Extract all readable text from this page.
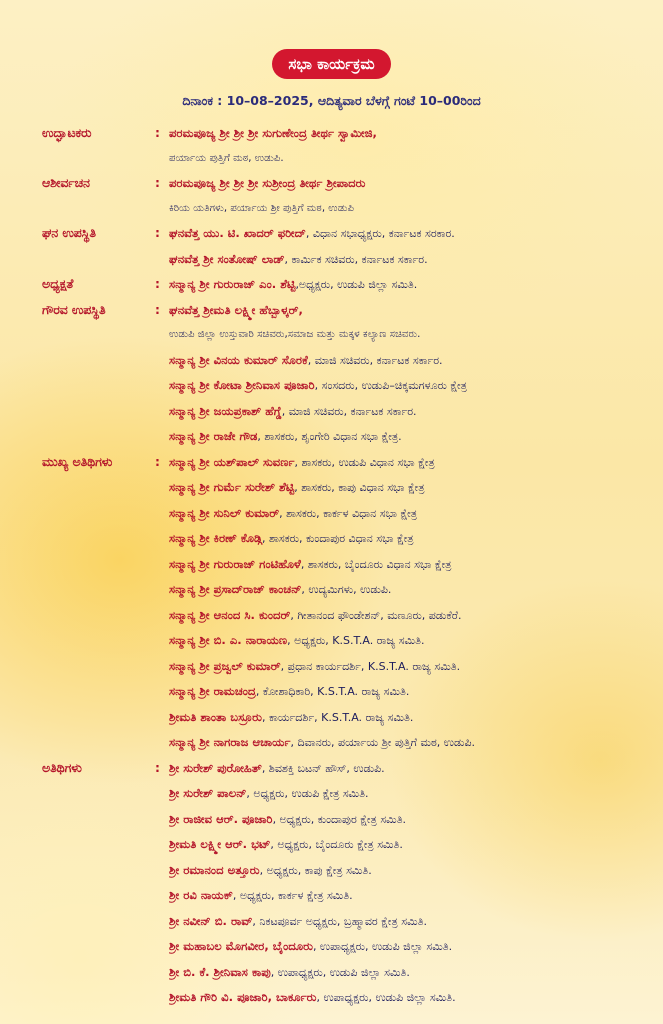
ಸಭಾ ಕಾರ್ಯಕ್ರಮ
ದಿನಾಂಕ : 10–08–2025, ಆದಿತ್ಯವಾರ ಬೆಳಗ್ಗೆ ಗಂಟೆ 10–00ರಿಂದ
ಉದ್ಘಾಟಕರು	: ಪರಮಪೂಜ್ಯ ಶ್ರೀ ಶ್ರೀ ಶ್ರೀ ಸುಗುಣೇಂದ್ರ ತೀರ್ಥ ಸ್ವಾಮೀಜಿ,
ಪರ್ಯಾಯ ಪುತ್ತಿಗೆ ಮಠ, ಉಡುಪಿ.
ಆಶೀರ್ವಚನ	: ಪರಮಪೂಜ್ಯ ಶ್ರೀ ಶ್ರೀ ಶ್ರೀ ಸುಶ್ರೀಂದ್ರ ತೀರ್ಥ ಶ್ರೀಪಾದರು
ಕಿರಿಯ ಯತಿಗಳು, ಪರ್ಯಾಯ ಶ್ರೀ ಪುತ್ತಿಗೆ ಮಠ, ಉಡುಪಿ
ಘನ ಉಪಸ್ಥಿತಿ	: ಘನವೆತ್ತ ಯು. ಟಿ. ಖಾದರ್ ಫರೀದ್, ವಿಧಾನ ಸಭಾಧ್ಯಕ್ಷರು, ಕರ್ನಾಟಕ ಸರಕಾರ.
ಘನವೆತ್ತ ಶ್ರೀ ಸಂತೋಷ್ ಲಾಡ್, ಕಾರ್ಮಿಕ ಸಚಿವರು, ಕರ್ನಾಟಕ ಸರ್ಕಾರ.
ಅಧ್ಯಕ್ಷತೆ	: ಸನ್ಮಾನ್ಯ ಶ್ರೀ ಗುರುರಾಜ್ ಎಂ. ಶೆಟ್ಟಿ,ಅಧ್ಯಕ್ಷರು, ಉಡುಪಿ ಜಿಲ್ಲಾ ಸಮಿತಿ.
ಗೌರವ ಉಪಸ್ಥಿತಿ	: ಘನವೆತ್ತ ಶ್ರೀಮತಿ ಲಕ್ಷ್ಮೀ ಹೆಬ್ಬಾಳ್ಕರ್,
ಉಡುಪಿ ಜಿಲ್ಲಾ ಉಸ್ತುವಾರಿ ಸಚಿವರು,ಸಮಾಜ ಮತ್ತು ಮಕ್ಕಳ ಕಲ್ಯಾಣ ಸಚಿವರು.
ಸನ್ಮಾನ್ಯ ಶ್ರೀ ವಿನಯ ಕುಮಾರ್ ಸೊರಕೆ, ಮಾಜಿ ಸಚಿವರು, ಕರ್ನಾಟಕ ಸರ್ಕಾರ.
ಸನ್ಮಾನ್ಯ ಶ್ರೀ ಕೋಟಾ ಶ್ರೀನಿವಾಸ ಪೂಜಾರಿ, ಸಂಸದರು, ಉಡುಪಿ–ಚಿಕ್ಕಮಗಳೂರು ಕ್ಷೇತ್ರ
ಸನ್ಮಾನ್ಯ ಶ್ರೀ ಜಯಪ್ರಕಾಶ್ ಹೆಗ್ಡೆ, ಮಾಜಿ ಸಚಿವರು, ಕರ್ನಾಟಕ ಸರ್ಕಾರ.
ಸನ್ಮಾನ್ಯ ಶ್ರೀ ರಾಜೇ ಗೌಡ, ಶಾಸಕರು, ಶೃಂಗೇರಿ ವಿಧಾನ ಸಭಾ ಕ್ಷೇತ್ರ.
ಮುಖ್ಯ ಅತಿಥಿಗಳು	: ಸನ್ಮಾನ್ಯ ಶ್ರೀ ಯಶ್‌ಪಾಲ್ ಸುವರ್ಣ, ಶಾಸಕರು, ಉಡುಪಿ ವಿಧಾನ ಸಭಾ ಕ್ಷೇತ್ರ
ಸನ್ಮಾನ್ಯ ಶ್ರೀ ಗುರ್ಮೆ ಸುರೇಶ್ ಶೆಟ್ಟಿ, ಶಾಸಕರು, ಕಾಪು ವಿಧಾನ ಸಭಾ ಕ್ಷೇತ್ರ
ಸನ್ಮಾನ್ಯ ಶ್ರೀ ಸುನಿಲ್ ಕುಮಾರ್, ಶಾಸಕರು, ಕಾರ್ಕಳ ವಿಧಾನ ಸಭಾ ಕ್ಷೇತ್ರ
ಸನ್ಮಾನ್ಯ ಶ್ರೀ ಕಿರಣ್ ಕೊಡ್ಗಿ, ಶಾಸಕರು, ಕುಂದಾಪುರ ವಿಧಾನ ಸಭಾ ಕ್ಷೇತ್ರ
ಸನ್ಮಾನ್ಯ ಶ್ರೀ ಗುರುರಾಜ್ ಗಂಟಿಹೊಳೆ, ಶಾಸಕರು, ಬೈಂದೂರು ವಿಧಾನ ಸಭಾ ಕ್ಷೇತ್ರ
ಸನ್ಮಾನ್ಯ ಶ್ರೀ ಪ್ರಸಾದ್‌ರಾಜ್ ಕಾಂಚನ್, ಉದ್ಯಮಿಗಳು, ಉಡುಪಿ.
ಸನ್ಮಾನ್ಯ ಶ್ರೀ ಆನಂದ ಸಿ. ಕುಂದರ್, ಗೀತಾನಂದ ಫೌಂಡೇಶನ್, ಮಣೂರು, ಪಡುಕೆರೆ.
ಸನ್ಮಾನ್ಯ ಶ್ರೀ ಬಿ. ಎ. ನಾರಾಯಣ, ಅಧ್ಯಕ್ಷರು, K.S.T.A. ರಾಜ್ಯ ಸಮಿತಿ.
ಸನ್ಮಾನ್ಯ ಶ್ರೀ ಪ್ರಜ್ವಲ್ ಕುಮಾರ್, ಪ್ರಧಾನ ಕಾರ್ಯದರ್ಶಿ, K.S.T.A. ರಾಜ್ಯ ಸಮಿತಿ.
ಸನ್ಮಾನ್ಯ ಶ್ರೀ ರಾಮಚಂದ್ರ, ಕೋಶಾಧಿಕಾರಿ, K.S.T.A. ರಾಜ್ಯ ಸಮಿತಿ.
ಶ್ರೀಮತಿ ಶಾಂತಾ ಬಸ್ರೂರು, ಕಾರ್ಯದರ್ಶಿ, K.S.T.A. ರಾಜ್ಯ ಸಮಿತಿ.
ಸನ್ಮಾನ್ಯ ಶ್ರೀ ನಾಗರಾಜ ಆಚಾರ್ಯ, ದಿವಾನರು, ಪರ್ಯಾಯ ಶ್ರೀ ಪುತ್ತಿಗೆ ಮಠ, ಉಡುಪಿ.
ಅತಿಥಿಗಳು	: ಶ್ರೀ ಸುರೇಶ್ ಪುರೋಹಿತ್, ಶಿವಶಕ್ತಿ ಬಟನ್ ಹೌಸ್, ಉಡುಪಿ.
ಶ್ರೀ ಸುರೇಶ್ ಪಾಲನ್, ಅಧ್ಯಕ್ಷರು, ಉಡುಪಿ ಕ್ಷೇತ್ರ ಸಮಿತಿ.
ಶ್ರೀ ರಾಜೀವ ಆರ್. ಪೂಜಾರಿ, ಅಧ್ಯಕ್ಷರು, ಕುಂದಾಪುರ ಕ್ಷೇತ್ರ ಸಮಿತಿ.
ಶ್ರೀಮತಿ ಲಕ್ಷ್ಮೀ ಆರ್. ಭಟ್, ಅಧ್ಯಕ್ಷರು, ಬೈಂದೂರು ಕ್ಷೇತ್ರ ಸಮಿತಿ.
ಶ್ರೀ ರಮಾನಂದ ಅತ್ತೂರು, ಅಧ್ಯಕ್ಷರು, ಕಾಪು ಕ್ಷೇತ್ರ ಸಮಿತಿ.
ಶ್ರೀ ರವಿ ನಾಯಕ್, ಅಧ್ಯಕ್ಷರು, ಕಾರ್ಕಳ ಕ್ಷೇತ್ರ ಸಮಿತಿ.
ಶ್ರೀ ನವೀನ್ ಬಿ. ರಾವ್, ನಿಕಟಪೂರ್ವ ಅಧ್ಯಕ್ಷರು, ಬ್ರಹ್ಮಾವರ ಕ್ಷೇತ್ರ ಸಮಿತಿ.
ಶ್ರೀ ಮಹಾಬಲ ಮೊಗವೀರ, ಬೈಂದೂರು, ಉಪಾಧ್ಯಕ್ಷರು, ಉಡುಪಿ ಜಿಲ್ಲಾ ಸಮಿತಿ.
ಶ್ರೀ ಬಿ. ಕೆ. ಶ್ರೀನಿವಾಸ ಕಾಪು, ಉಪಾಧ್ಯಕ್ಷರು, ಉಡುಪಿ ಜಿಲ್ಲಾ ಸಮಿತಿ.
ಶ್ರೀಮತಿ ಗೌರಿ ವಿ. ಪೂಜಾರಿ, ಬಾರ್ಕೂರು, ಉಪಾಧ್ಯಕ್ಷರು, ಉಡುಪಿ ಜಿಲ್ಲಾ ಸಮಿತಿ.
